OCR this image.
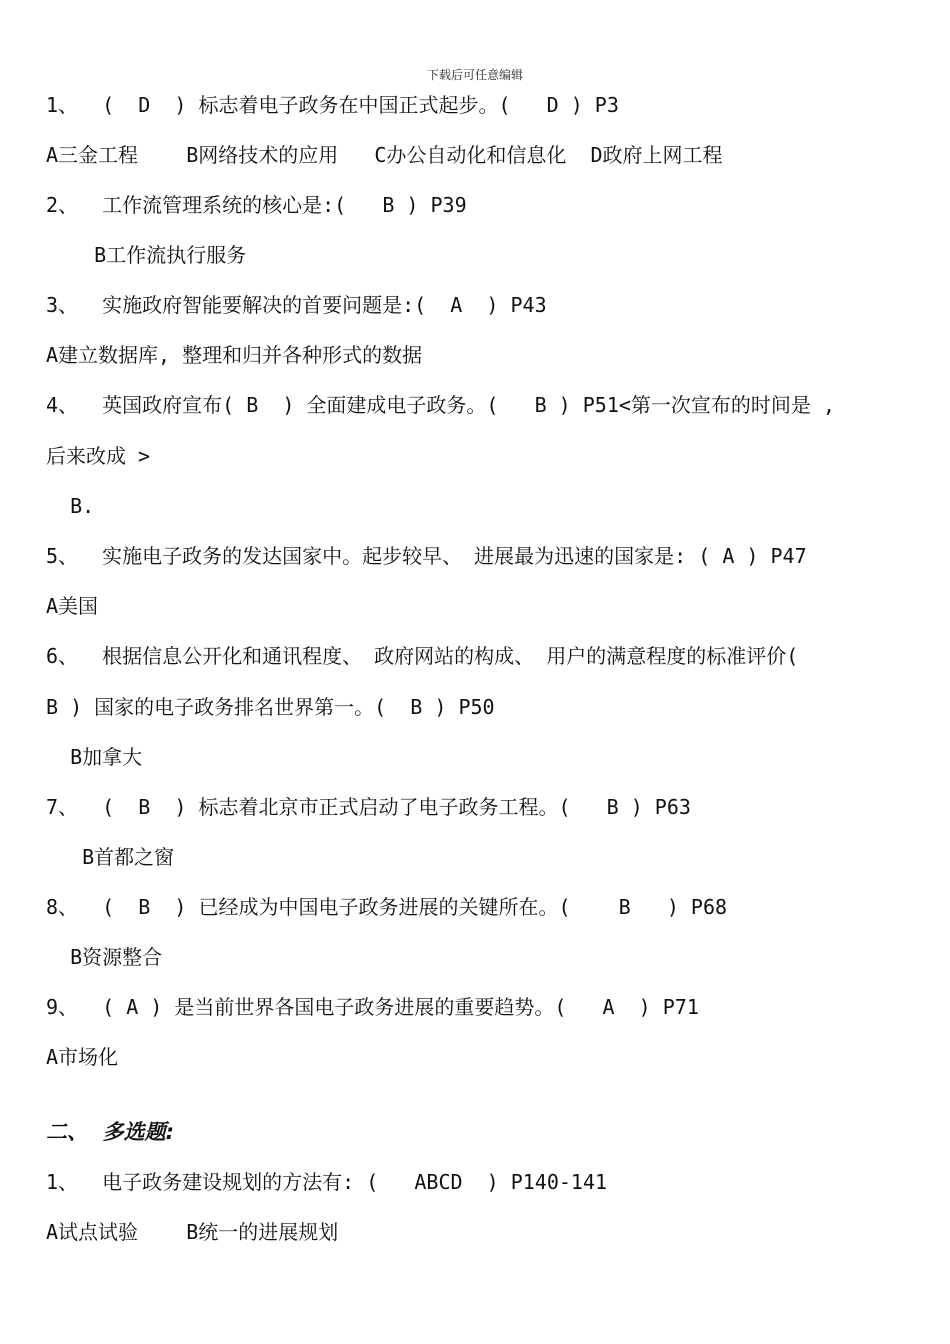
下载后可任意编辑
1、  (  D  ) 标志着电子政务在中国正式起步。(   D ) P3
A三金工程    B网络技术的应用   C办公自动化和信息化  D政府上网工程
2、  工作流管理系统的核心是:(   B ) P39
B工作流执行服务
3、  实施政府智能要解决的首要问题是:(  A  ) P43
A建立数据库, 整理和归并各种形式的数据
4、  英国政府宣布( B  ) 全面建成电子政务。(   B ) P51<第一次宣布的时间是 ,
后来改成 >
B.
5、  实施电子政务的发达国家中。起步较早、 进展最为迅速的国家是: ( A ) P47
A美国
6、  根据信息公开化和通讯程度、 政府网站的构成、 用户的满意程度的标准评价(
B ) 国家的电子政务排名世界第一。(  B ) P50
B加拿大
7、  (  B  ) 标志着北京市正式启动了电子政务工程。(   B ) P63
B首都之窗
8、  (  B  ) 已经成为中国电子政务进展的关键所在。(    B   ) P68
B资源整合
9、  ( A ) 是当前世界各国电子政务进展的重要趋势。(   A  ) P71
A市场化
二、  多选题:
1、  电子政务建设规划的方法有: (   ABCD  ) P140-141
A试点试验    B统一的进展规划
